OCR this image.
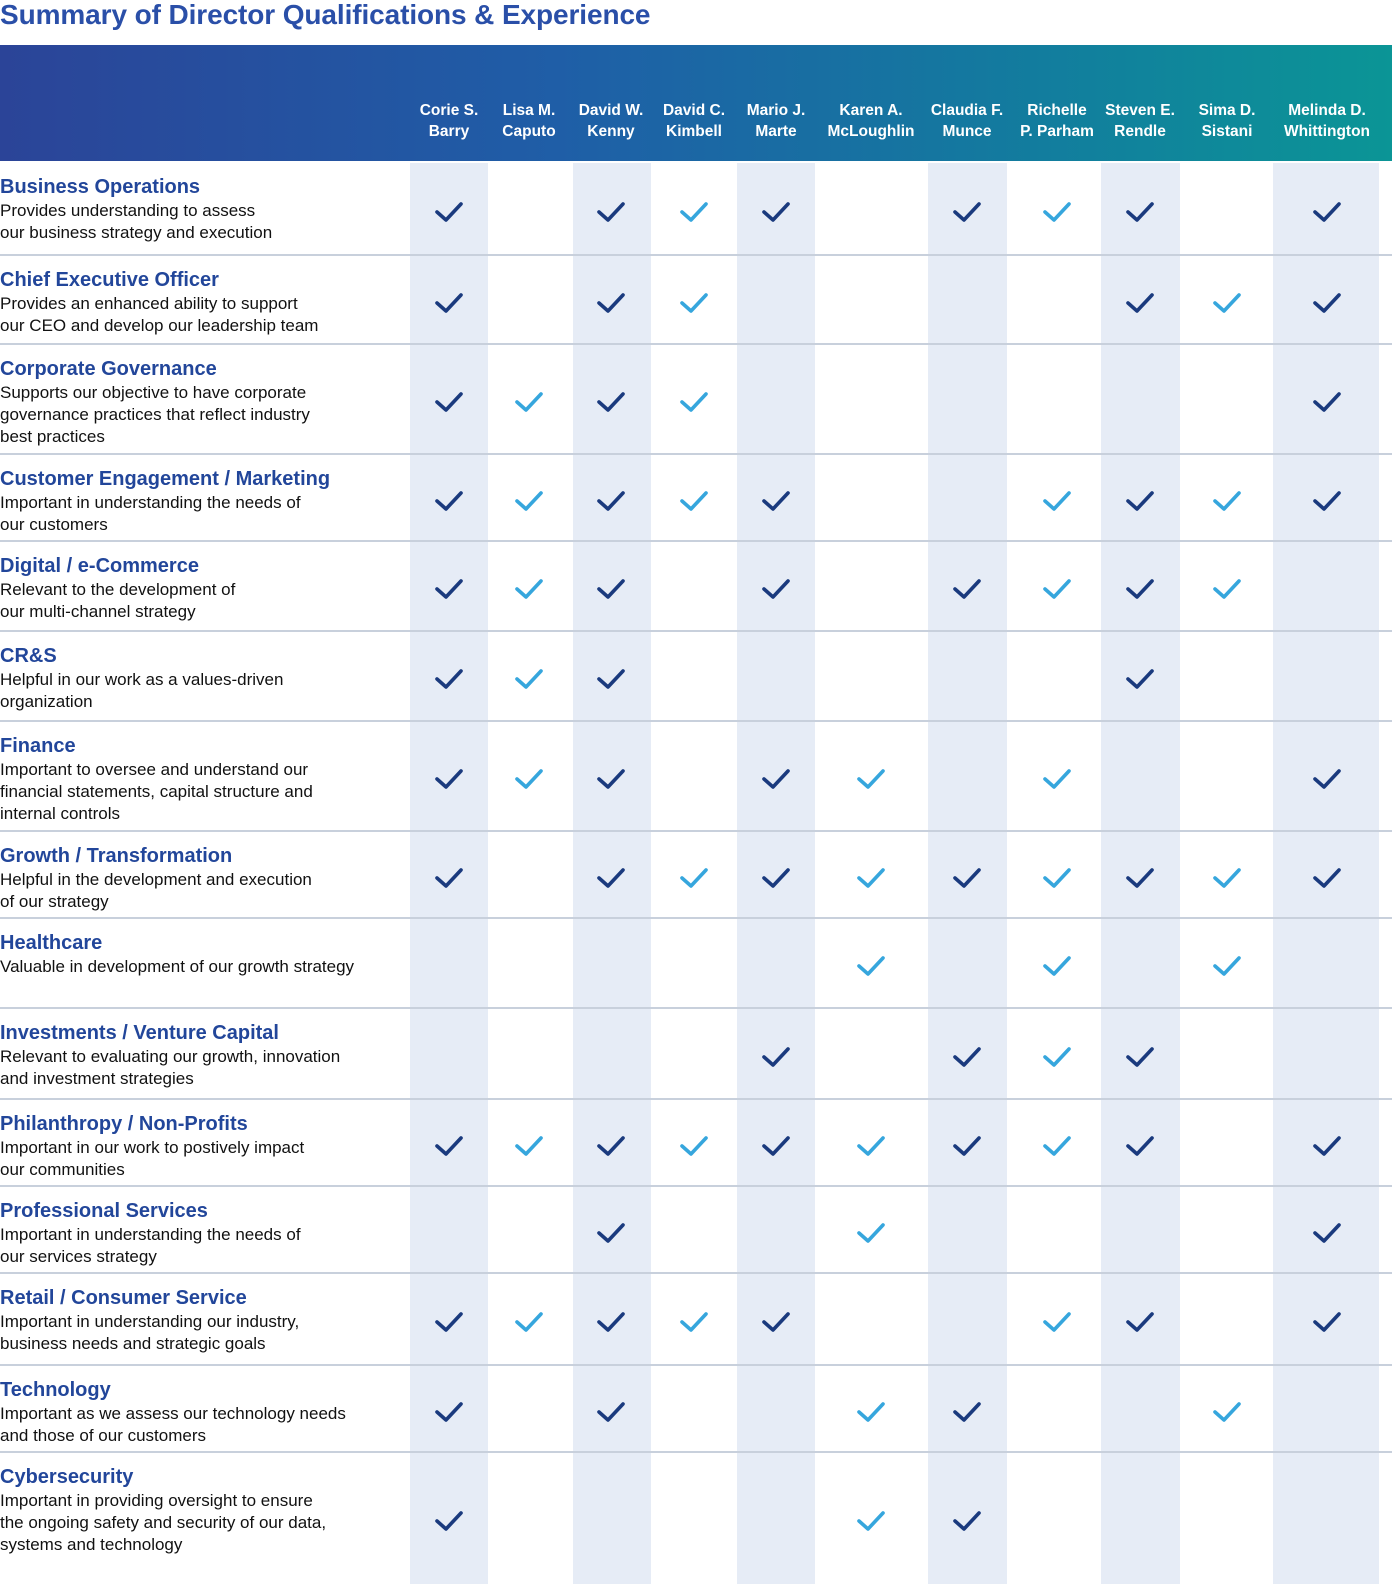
Summary of Director Qualifications & Experience
Corie S.
Barry
Lisa M.
Caputo
David W.
Kenny
David C.
Kimbell
Mario J.
Marte
Karen A.
McLoughlin
Claudia F.
Munce
Richelle
P. Parham
Steven E.
Rendle
Sima D.
Sistani
Melinda D.
Whittington
Business Operations
Provides understanding to assess
our business strategy and execution
Chief Executive Officer
Provides an enhanced ability to support
our CEO and develop our leadership team
Corporate Governance
Supports our objective to have corporate
governance practices that reflect industry
best practices
Customer Engagement / Marketing
Important in understanding the needs of
our customers
Digital / e-Commerce
Relevant to the development of
our multi-channel strategy
CR&S
Helpful in our work as a values-driven
organization
Finance
Important to oversee and understand our
financial statements, capital structure and
internal controls
Growth / Transformation
Helpful in the development and execution
of our strategy
Healthcare
Valuable in development of our growth strategy
Investments / Venture Capital
Relevant to evaluating our growth, innovation
and investment strategies
Philanthropy / Non-Profits
Important in our work to postively impact
our communities
Professional Services
Important in understanding the needs of
our services strategy
Retail / Consumer Service
Important in understanding our industry,
business needs and strategic goals
Technology
Important as we assess our technology needs
and those of our customers
Cybersecurity
Important in providing oversight to ensure
the ongoing safety and security of our data,
systems and technology
